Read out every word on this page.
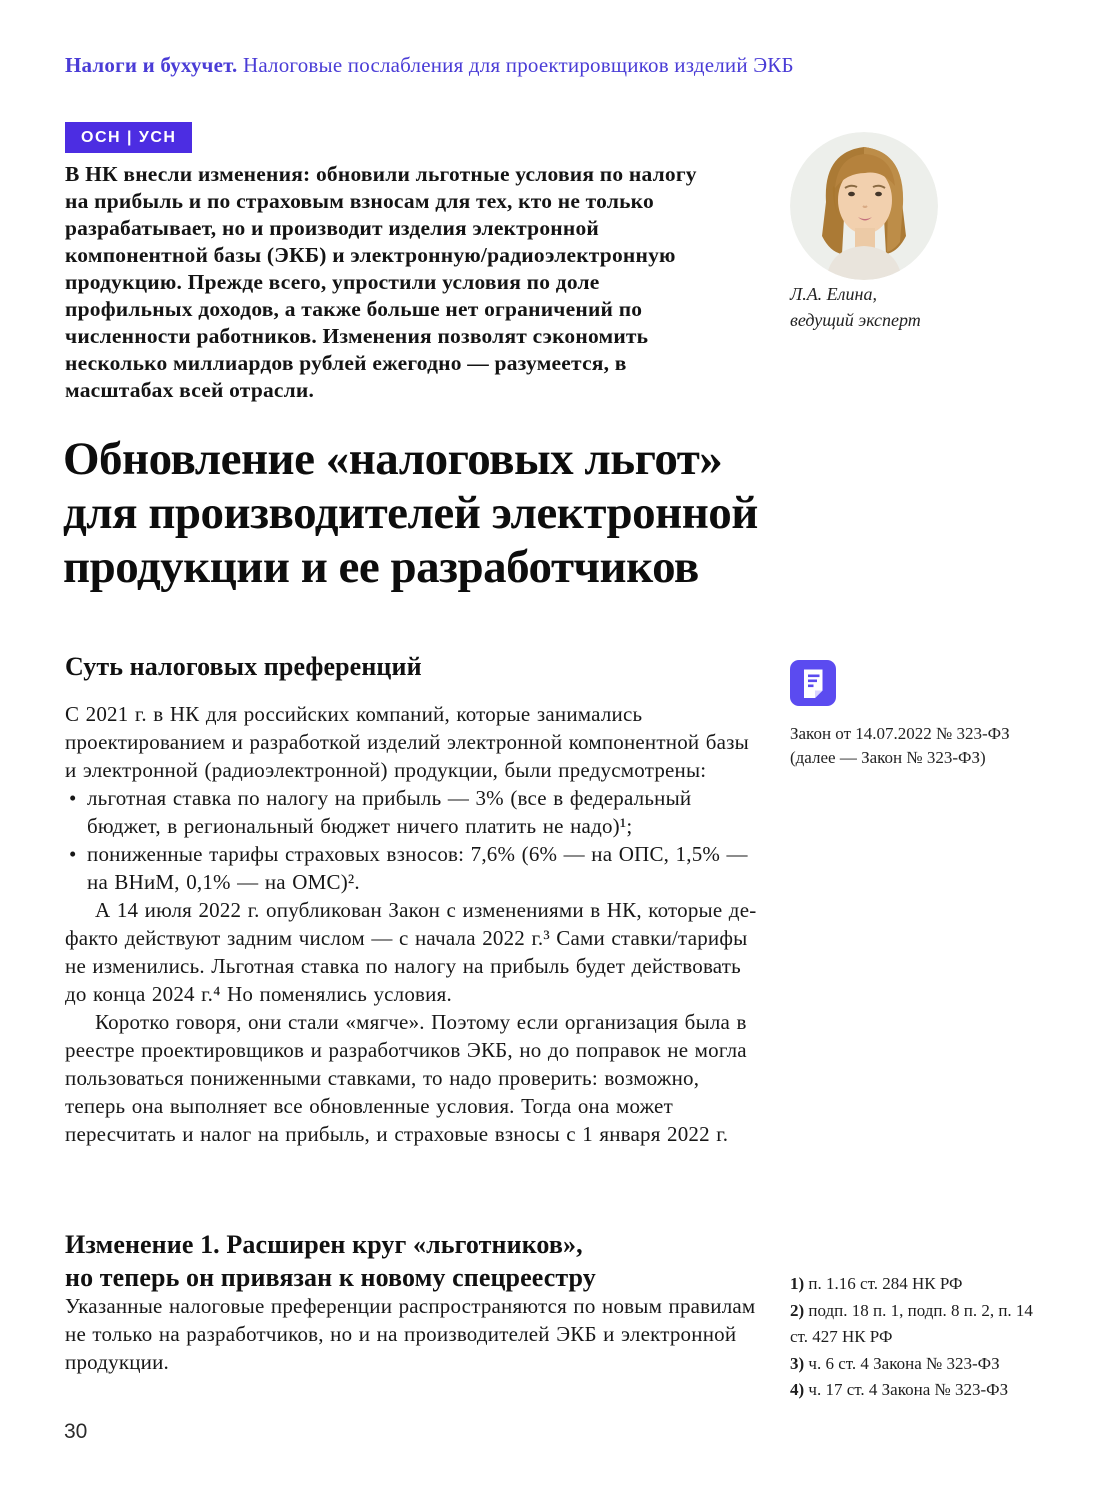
Налоги и бухучет. Налоговые послабления для проектировщиков изделий ЭКБ
ОСН | УСН

В НК внесли изменения: обновили льготные условия по налогу на прибыль и по страховым взносам для тех, кто не только разрабатывает, но и производит изделия электронной компонентной базы (ЭКБ) и электронную/радиоэлектронную продукцию. Прежде всего, упростили условия по доле профильных доходов, а также больше нет ограничений по численности работников. Изменения позволят сэкономить несколько миллиардов рублей ежегодно — разумеется, в масштабах всей отрасли.

Л.А. Елина,
ведущий эксперт
Обновление «налоговых льгот»
для производителей электронной
продукции и ее разработчиков
Суть налоговых преференций

С 2021 г. в НК для российских компаний, которые занимались проектированием и разработкой изделий электронной компонентной базы и электронной (радиоэлектронной) продукции, были предусмотрены:

• льготная ставка по налогу на прибыль — 3% (все в федеральный бюджет, в региональный бюджет ничего платить не надо)¹;
• пониженные тарифы страховых взносов: 7,6% (6% — на ОПС, 1,5% — на ВНиМ, 0,1% — на ОМС)².

А 14 июля 2022 г. опубликован Закон с изменениями в НК, которые де-факто действуют задним числом — с начала 2022 г.³ Сами ставки/тарифы не изменились. Льготная ставка по налогу на прибыль будет действовать до конца 2024 г.⁴ Но поменялись условия.

Коротко говоря, они стали «мягче». Поэтому если организация была в реестре проектировщиков и разработчиков ЭКБ, но до поправок не могла пользоваться пониженными ставками, то надо проверить: возможно, теперь она выполняет все обновленные условия. Тогда она может пересчитать и налог на прибыль, и страховые взносы с 1 января 2022 г.

Закон от 14.07.2022 № 323-ФЗ (далее — Закон № 323-ФЗ)

Изменение 1. Расширен круг «льготников»,
но теперь он привязан к новому спецреестру

Указанные налоговые преференции распространяются по новым правилам не только на разработчиков, но и на производителей ЭКБ и электронной продукции.

1) п. 1.16 ст. 284 НК РФ

2) подп. 18 п. 1, подп. 8 п. 2, п. 14 ст. 427 НК РФ

3) ч. 6 ст. 4 Закона № 323-ФЗ

4) ч. 17 ст. 4 Закона № 323-ФЗ

30
